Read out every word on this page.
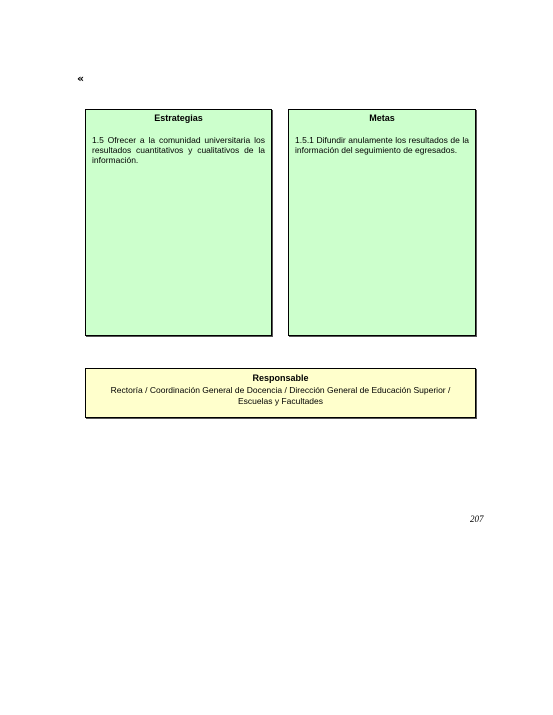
«
Estrategias
1.5 Ofrecer a la comunidad universitaria los resultados cuantitativos y cualitativos de la información.
Metas
1.5.1 Difundir anulamente los resultados de la información del seguimiento de egresados.
Responsable
Rectoría / Coordinación General de Docencia / Dirección General de Educación Superior / Escuelas y Facultades
207
